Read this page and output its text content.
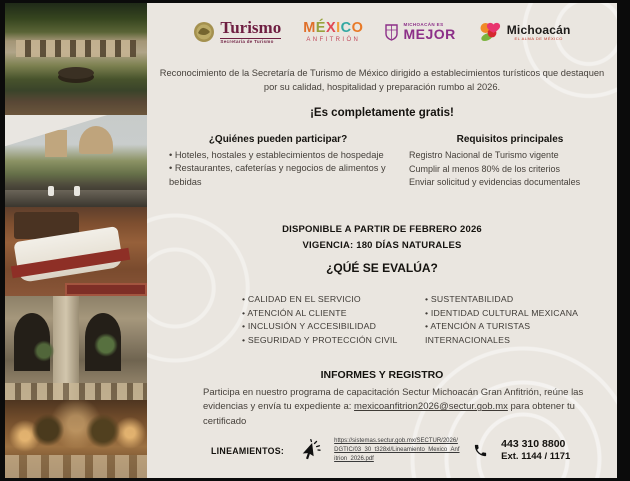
Turismo
Secretaría de Turismo
MÉXICO
ANFITRIÓN
MICHOACÁN ES
MEJOR	Michoacán
EL ALMA DE MÉXICO
Reconocimiento de la Secretaría de Turismo de México dirigido a establecimientos turísticos que destaquen por su calidad, hospitalidad y preparación rumbo al 2026.
¡Es completamente gratis!
¿Quiénes pueden participar?
• Hoteles, hostales y establecimientos de hospedaje
• Restaurantes, cafeterías y negocios de alimentos y bebidas
Requisitos principales
Registro Nacional de Turismo vigente
Cumplir al menos 80% de los criterios
Enviar solicitud y evidencias documentales
DISPONIBLE A PARTIR DE FEBRERO 2026
VIGENCIA: 180 DÍAS NATURALES
¿QÚÉ SE EVALÚA?
• CALIDAD EN EL SERVICIO
• ATENCIÓN AL CLIENTE
• INCLUSIÓN Y ACCESIBILIDAD
• SEGURIDAD Y PROTECCIÓN CIVIL
• SUSTENTABILIDAD
• IDENTIDAD CULTURAL MEXICANA
• ATENCIÓN A TURISTAS INTERNACIONALES
INFORMES Y REGISTRO
Participa en nuestro programa de capacitación Sectur Michoacán Gran Anfitrión, reúne las evidencias y envía tu expediente a: mexicoanfitrion2026@sectur.gob.mx para obtener tu certificado
LINEAMIENTOS:
https://sistemas.sectur.gob.mx/SECTUR/2026/DGTIC/03_30_t328xl/Lineamiento_Mexico_Anfitrion_2026.pdf
443 310 8800
Ext. 1144 / 1171
